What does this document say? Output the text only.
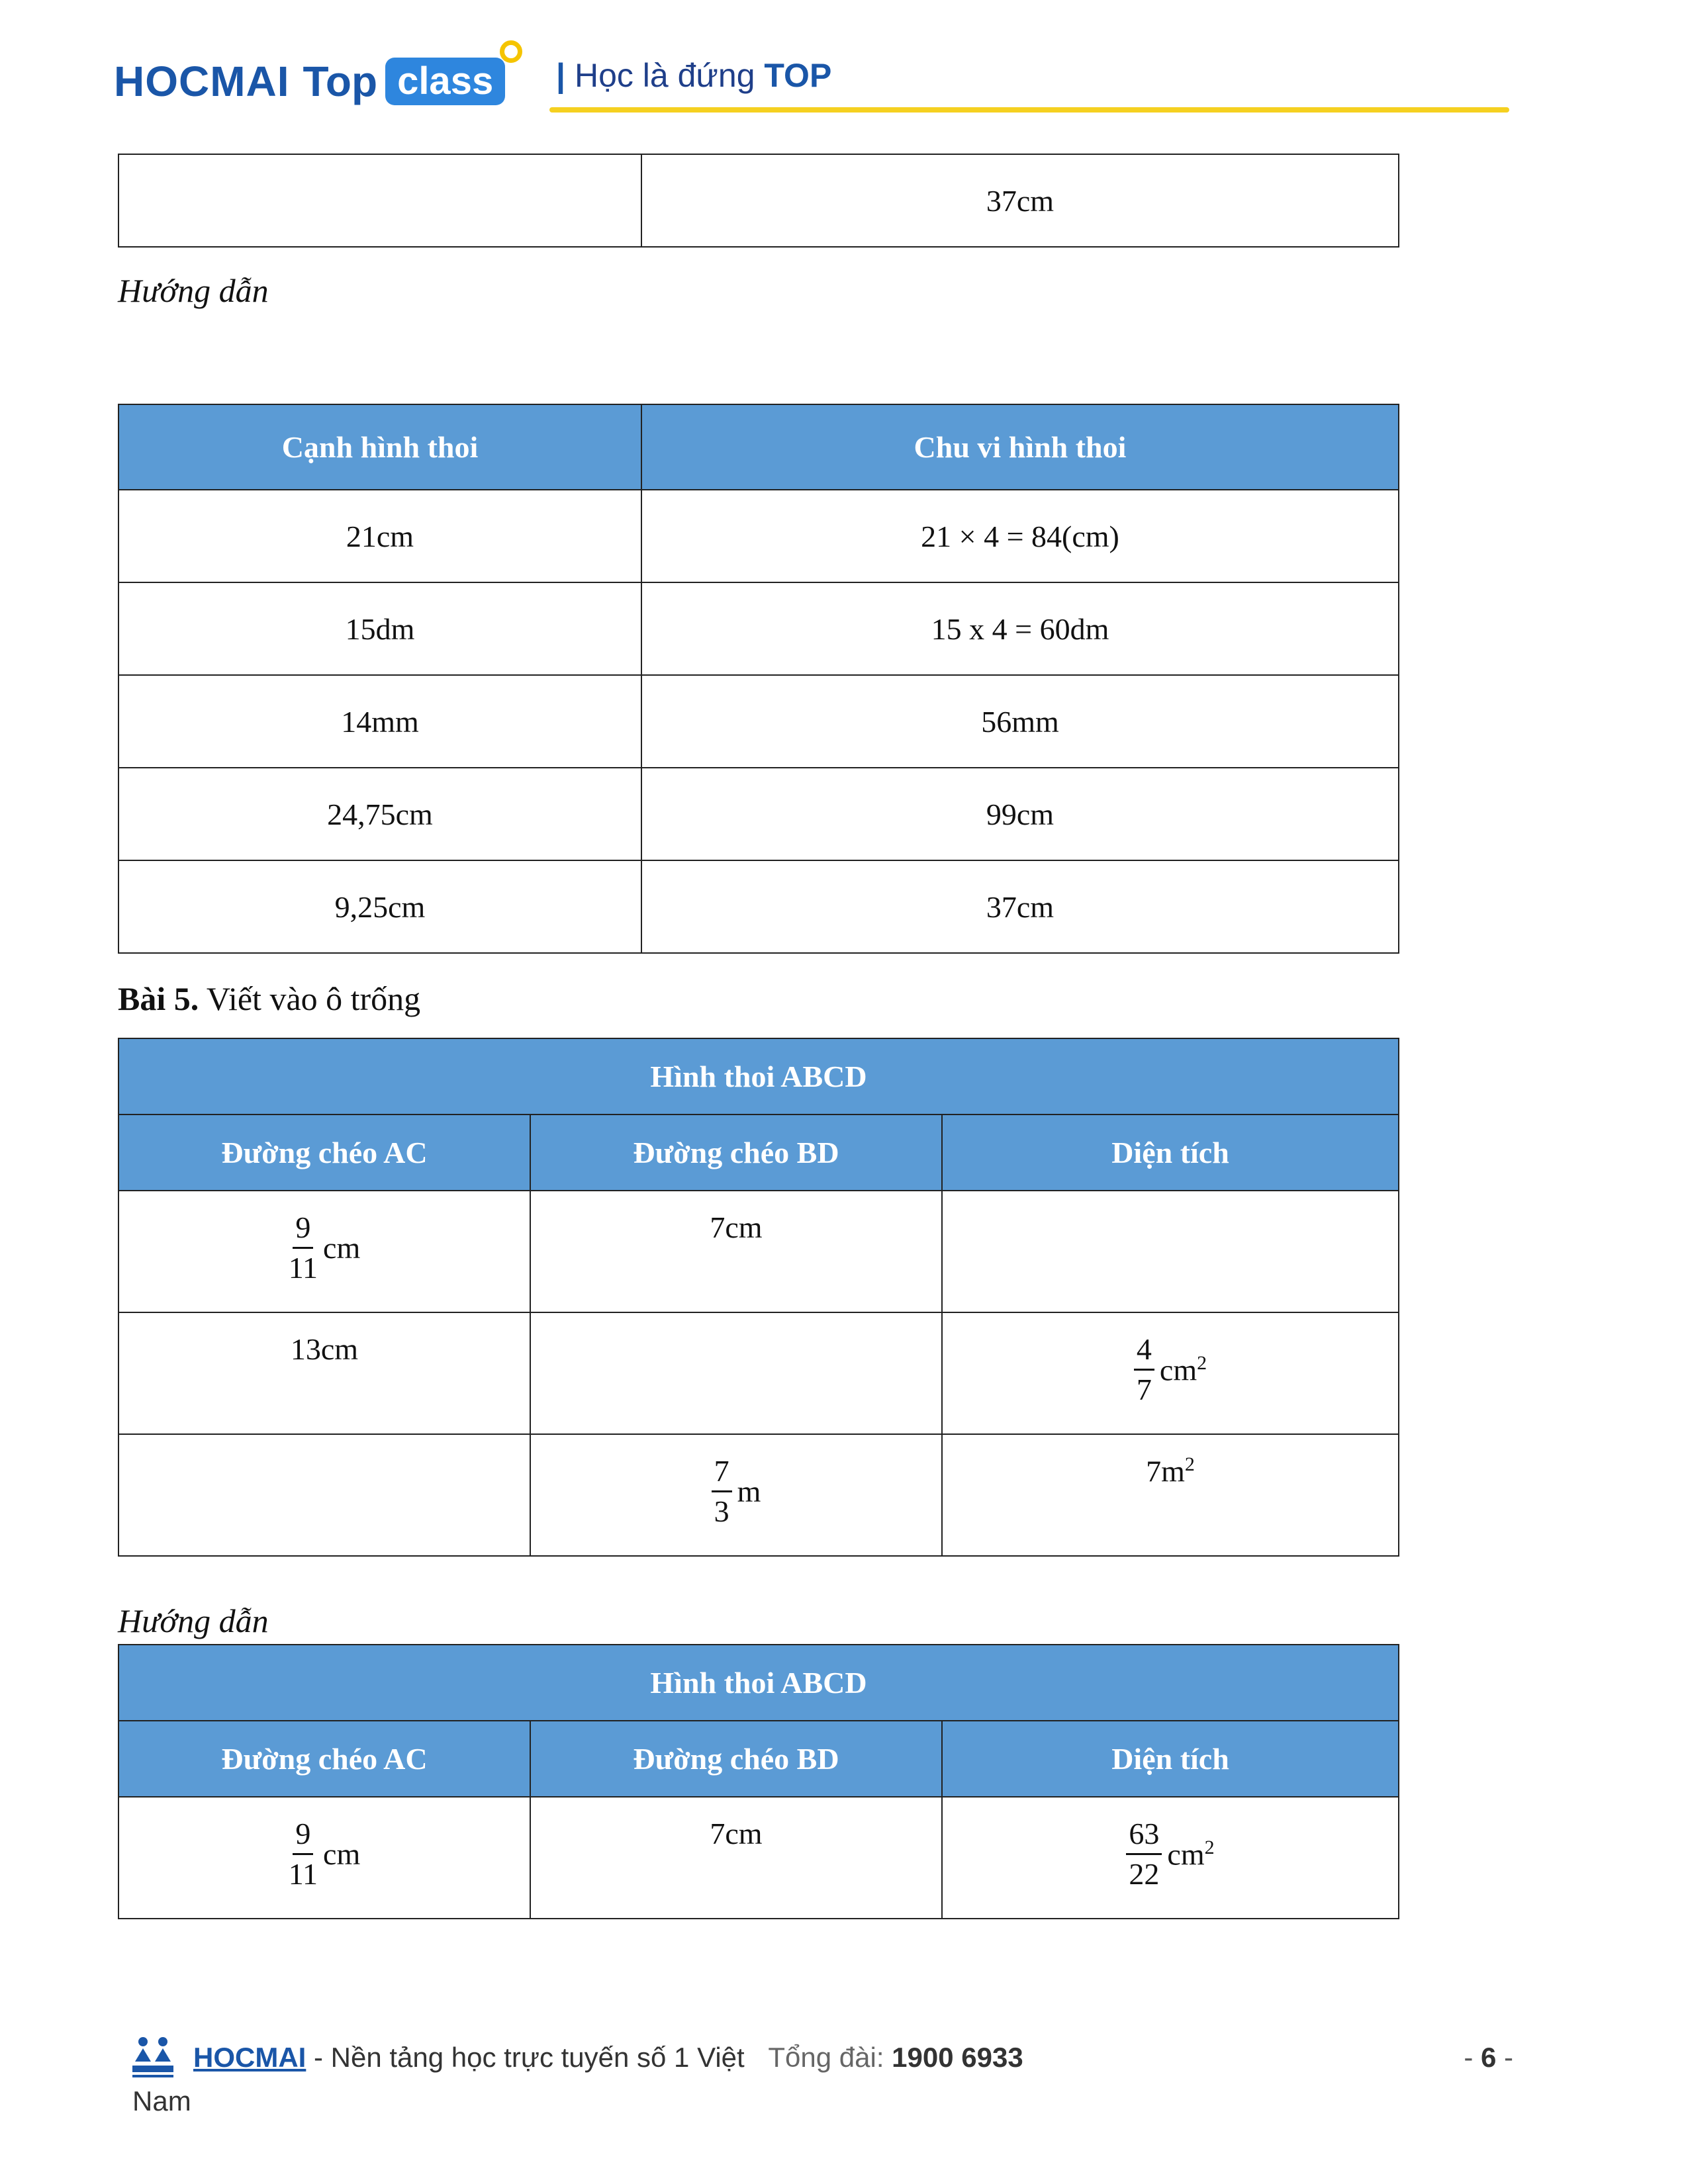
HOCMAI Top class	| Học là đứng TOP
	37cm
Hướng dẫn
Cạnh hình thoi	Chu vi hình thoi
21cm	21 × 4 = 84(cm)
15dm	15 x 4 = 60dm
14mm	56mm
24,75cm	99cm
9,25cm	37cm
Bài 5. Viết vào ô trống
Hình thoi ABCD		
Đường chéo AC	Đường chéo BD	Diện tích

$\frac{9}{11}$ cm	7cm	
13cm		$\frac{4}{7} cm^2$

	$\frac{7}{3}$ m	$7m^2$
Hướng dẫn
Hình thoi ABCD		
Đường chéo AC	Đường chéo BD	Diện tích

$\frac{9}{11}$ cm	7cm	$\frac{63}{22} cm^2$
HOCMAI - Nền tảng học trực tuyến số 1 Việt Tổng đài: 1900 6933
Nam
- 6 -
